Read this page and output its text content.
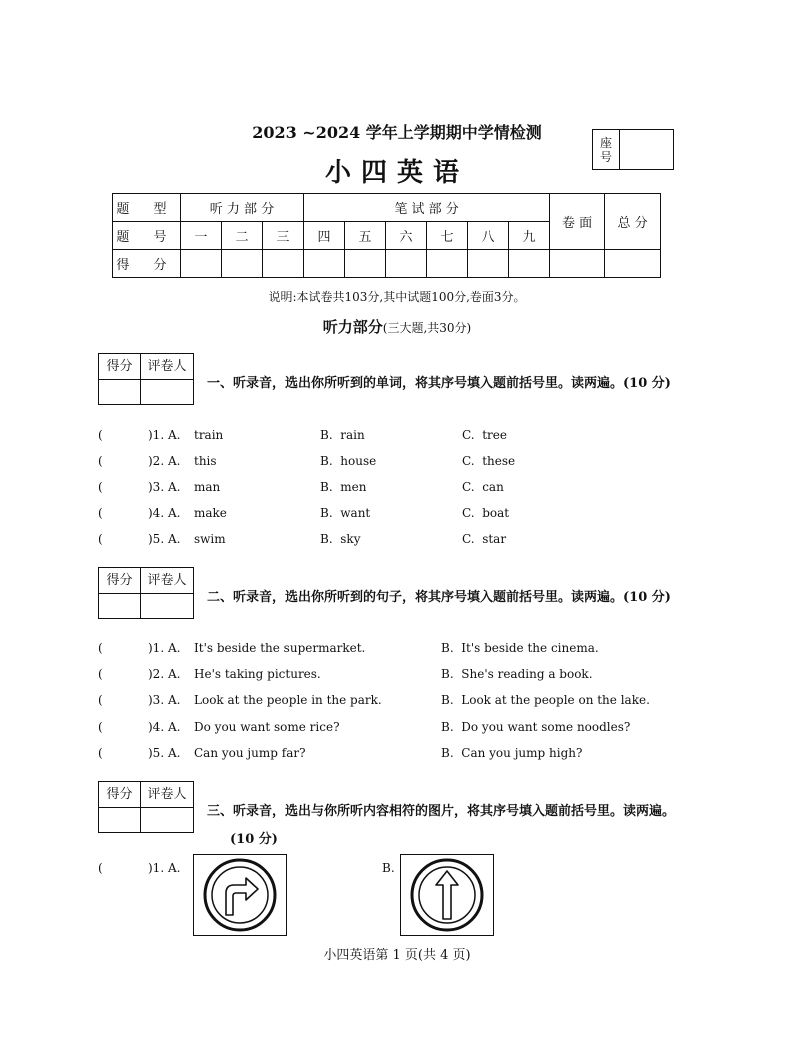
2023 ~2024 学年上学期期中学情检测
小四英语
座
号
题 型	听 力 部 分			笔 试 部 分						卷 面	总 分
题 号	一	二	三	四	五	六	七	八	九		
得 分											
说明:本试卷共103分,其中试题100分,卷面3分。
听力部分(三大题,共30分)
得分	评卷人
一、听录音，选出你所听到的单词，将其序号填入题前括号里。读两遍。(10 分)
(	)1. A. train	B.  rain	C.  tree
(	)2. A. this	B.  house	C.  these
(	)3. A. man	B.  men	C.  can
(	)4. A. make	B.  want	C.  boat
(	)5. A. swim	B.  sky	C.  star
得分	评卷人
二、听录音，选出你所听到的句子，将其序号填入题前括号里。读两遍。(10 分)
(	)1. A. It's beside the supermarket.	B.  It's beside the cinema.
(	)2. A. He's taking pictures.	B.  She's reading a book.
(	)3. A. Look at the people in the park.	B.  Look at the people on the lake.
(	)4. A. Do you want some rice?	B.  Do you want some noodles?
(	)5. A. Can you jump far?	B.  Can you jump high?
得分	评卷人
三、听录音，选出与你所听内容相符的图片，将其序号填入题前括号里。读两遍。
(10 分)
(	)1. A.	B.
小四英语第 1 页(共 4 页)
